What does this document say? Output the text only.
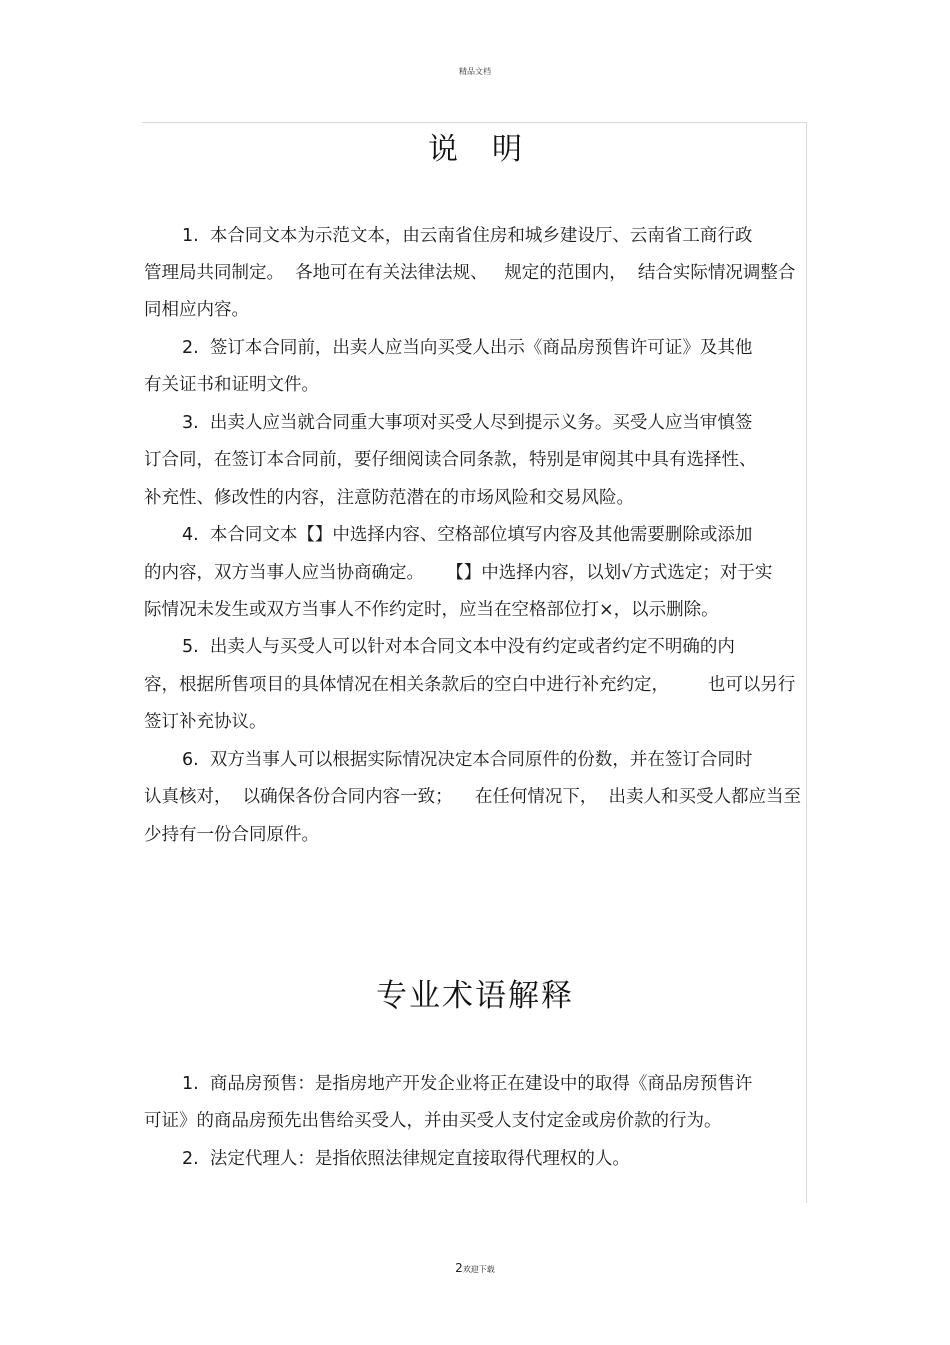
精品文档
说明
1.  本合同文本为示范文本，由云南省住房和城乡建设厅、云南省工商行政
管理局共同制定。  各地可在有关法律法规、   规定的范围内，  结合实际情况调整合
同相应内容。
2.  签订本合同前，出卖人应当向买受人出示《商品房预售许可证》及其他
有关证书和证明文件。
3.  出卖人应当就合同重大事项对买受人尽到提示义务。买受人应当审慎签
订合同，在签订本合同前，要仔细阅读合同条款，特别是审阅其中具有选择性、
补充性、修改性的内容，注意防范潜在的市场风险和交易风险。
4.  本合同文本【】中选择内容、空格部位填写内容及其他需要删除或添加
的内容，双方当事人应当协商确定。    【】中选择内容，以划√方式选定；对于实
际情况未发生或双方当事人不作约定时，应当在空格部位打×，以示删除。
5.  出卖人与买受人可以针对本合同文本中没有约定或者约定不明确的内
容，根据所售项目的具体情况在相关条款后的空白中进行补充约定，       也可以另行
签订补充协议。
6.  双方当事人可以根据实际情况决定本合同原件的份数，并在签订合同时
认真核对，  以确保各份合同内容一致；    在任何情况下，  出卖人和买受人都应当至
少持有一份合同原件。
专业术语解释
1.  商品房预售：是指房地产开发企业将正在建设中的取得《商品房预售许
可证》的商品房预先出售给买受人，并由买受人支付定金或房价款的行为。
2.  法定代理人：是指依照法律规定直接取得代理权的人。
2欢迎下载
